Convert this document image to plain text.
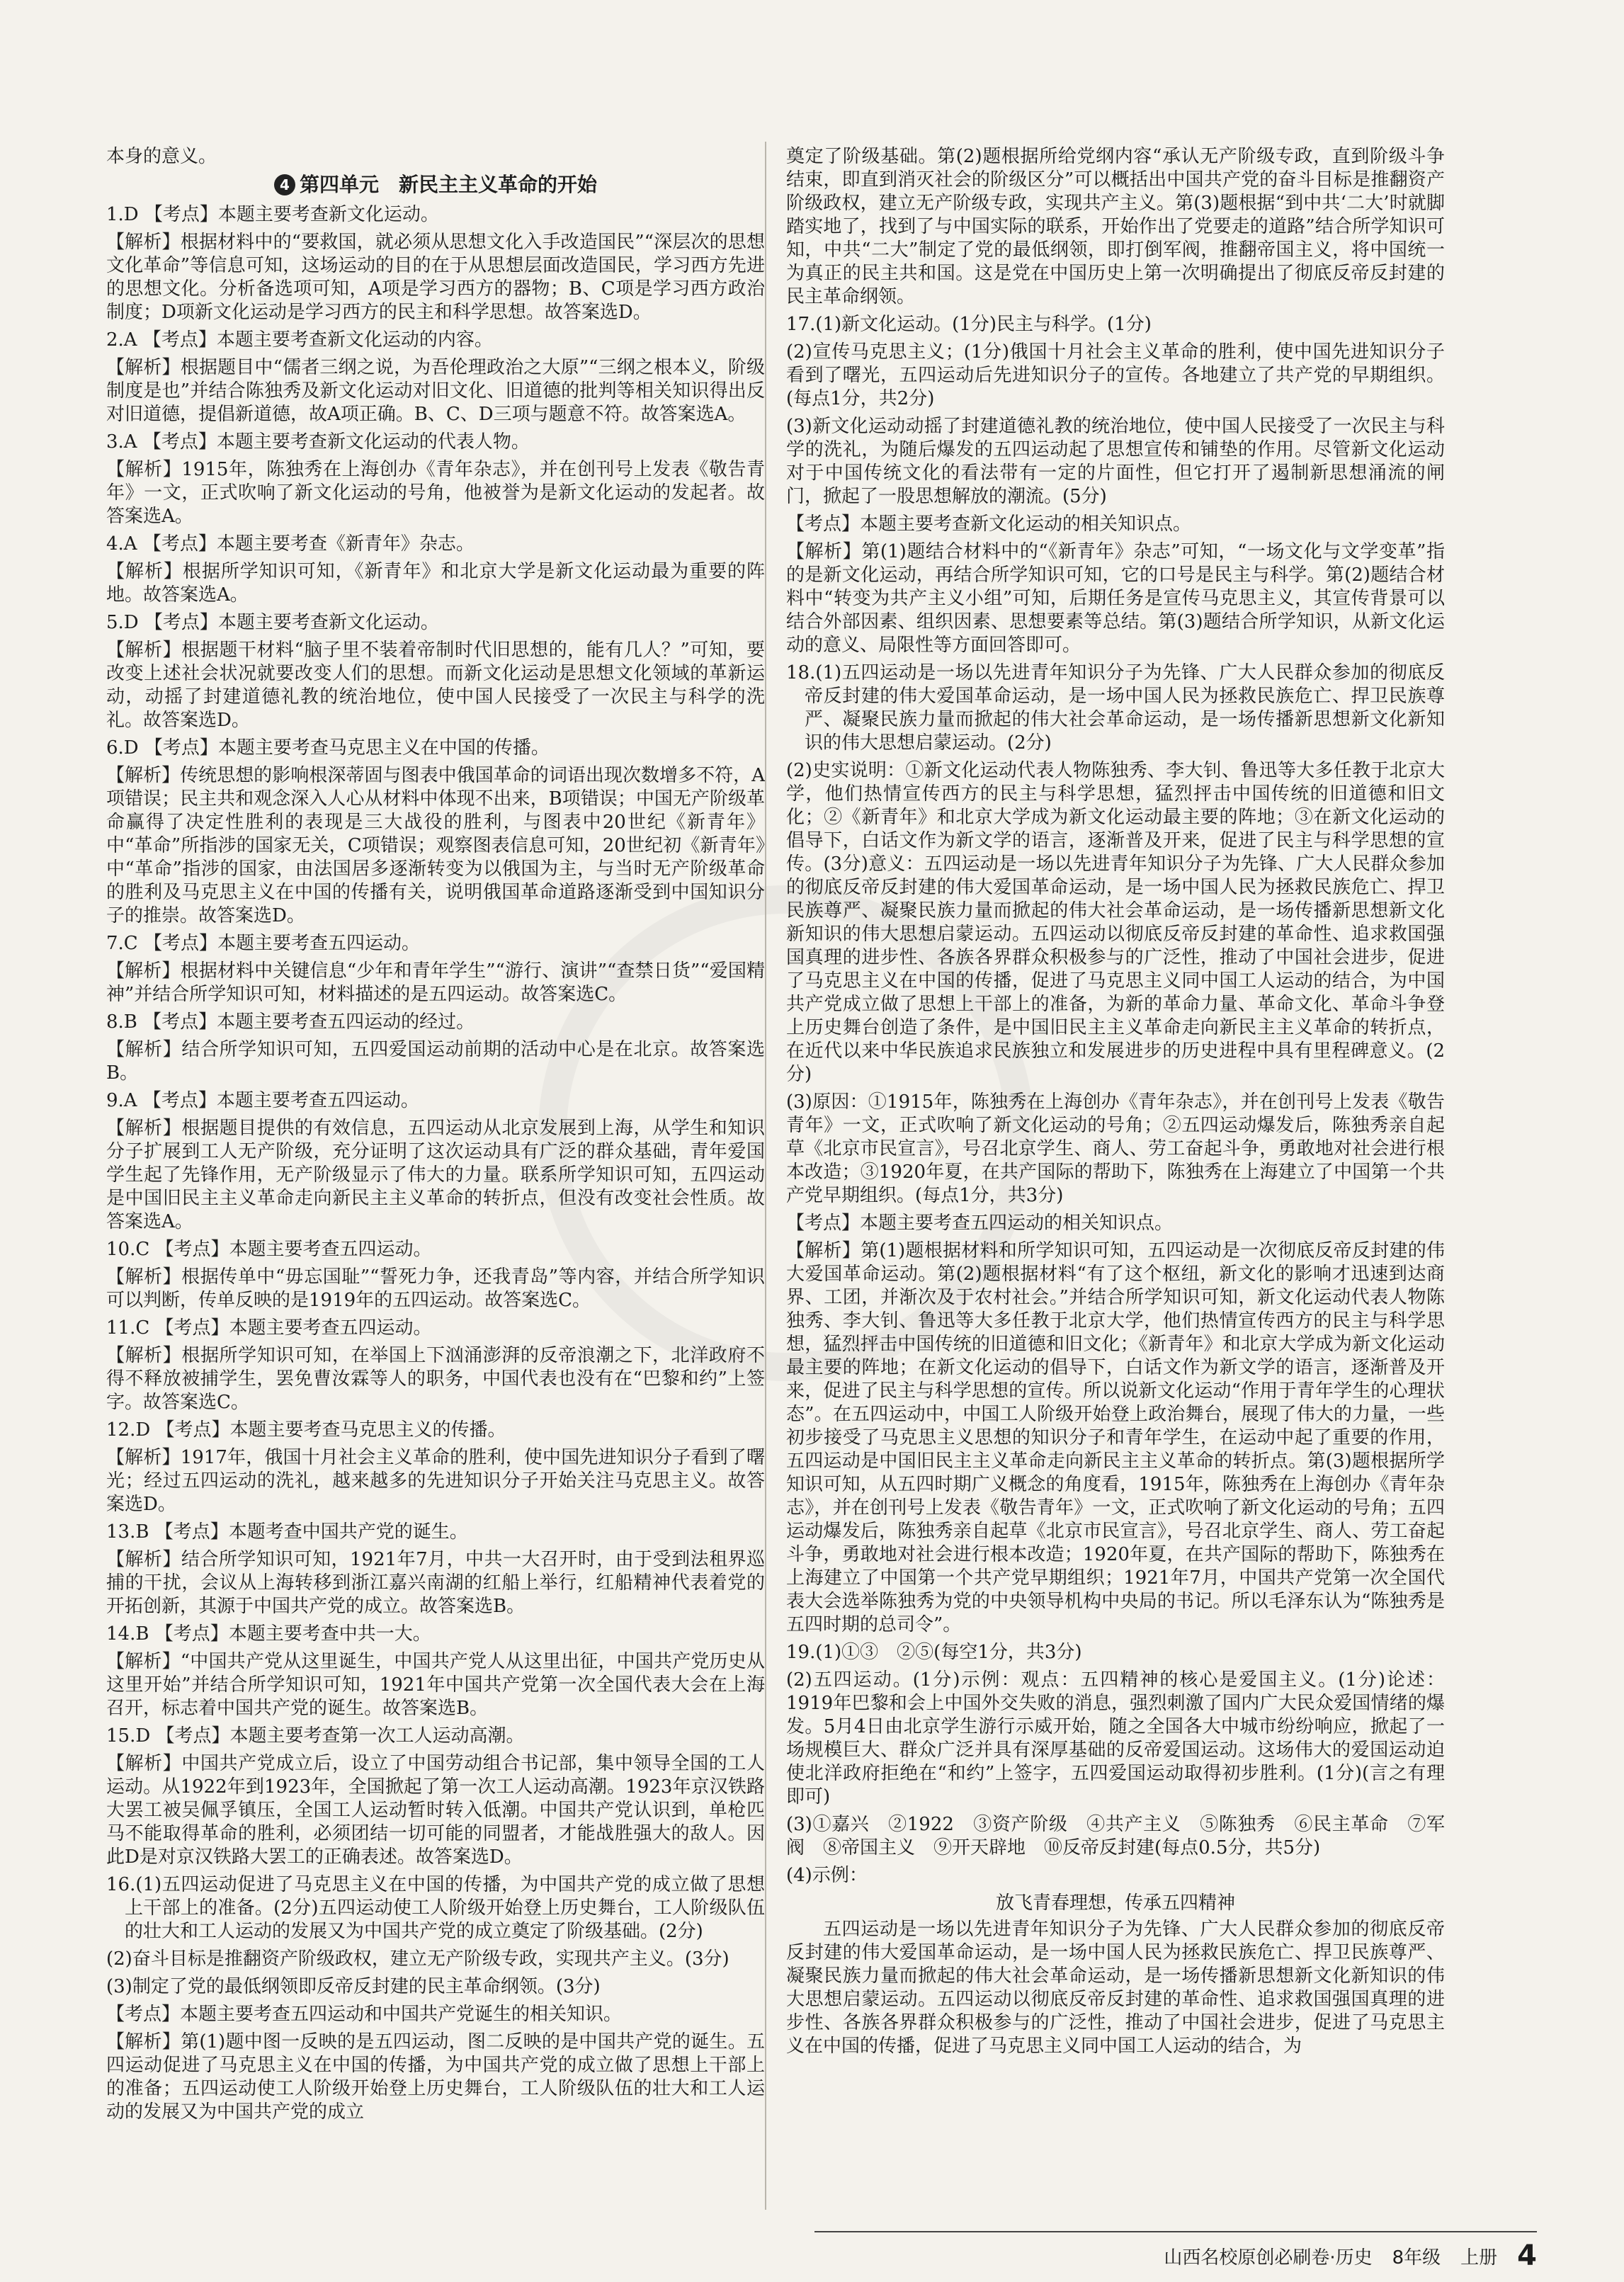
本身的意义。
4 第四单元　新民主主义革命的开始
1.D 【考点】本题主要考查新文化运动。
【解析】根据材料中的“要救国，就必须从思想文化入手改造国民”“深层次的思想文化革命”等信息可知，这场运动的目的在于从思想层面改造国民，学习西方先进的思想文化。分析备选项可知，A项是学习西方的器物；B、C项是学习西方政治制度；D项新文化运动是学习西方的民主和科学思想。故答案选D。
2.A 【考点】本题主要考查新文化运动的内容。
【解析】根据题目中“儒者三纲之说，为吾伦理政治之大原”“三纲之根本义，阶级制度是也”并结合陈独秀及新文化运动对旧文化、旧道德的批判等相关知识得出反对旧道德，提倡新道德，故A项正确。B、C、D三项与题意不符。故答案选A。
3.A 【考点】本题主要考查新文化运动的代表人物。
【解析】1915年，陈独秀在上海创办《青年杂志》，并在创刊号上发表《敬告青年》一文，正式吹响了新文化运动的号角，他被誉为是新文化运动的发起者。故答案选A。
4.A 【考点】本题主要考查《新青年》杂志。
【解析】根据所学知识可知，《新青年》和北京大学是新文化运动最为重要的阵地。故答案选A。
5.D 【考点】本题主要考查新文化运动。
【解析】根据题干材料“脑子里不装着帝制时代旧思想的，能有几人？”可知，要改变上述社会状况就要改变人们的思想。而新文化运动是思想文化领域的革新运动，动摇了封建道德礼教的统治地位，使中国人民接受了一次民主与科学的洗礼。故答案选D。
6.D 【考点】本题主要考查马克思主义在中国的传播。
【解析】传统思想的影响根深蒂固与图表中俄国革命的词语出现次数增多不符，A项错误；民主共和观念深入人心从材料中体现不出来，B项错误；中国无产阶级革命赢得了决定性胜利的表现是三大战役的胜利，与图表中20世纪《新青年》中“革命”所指涉的国家无关，C项错误；观察图表信息可知，20世纪初《新青年》中“革命”指涉的国家，由法国居多逐渐转变为以俄国为主，与当时无产阶级革命的胜利及马克思主义在中国的传播有关，说明俄国革命道路逐渐受到中国知识分子的推崇。故答案选D。
7.C 【考点】本题主要考查五四运动。
【解析】根据材料中关键信息“少年和青年学生”“游行、演讲”“查禁日货”“爱国精神”并结合所学知识可知，材料描述的是五四运动。故答案选C。
8.B 【考点】本题主要考查五四运动的经过。
【解析】结合所学知识可知，五四爱国运动前期的活动中心是在北京。故答案选B。
9.A 【考点】本题主要考查五四运动。
【解析】根据题目提供的有效信息，五四运动从北京发展到上海，从学生和知识分子扩展到工人无产阶级，充分证明了这次运动具有广泛的群众基础，青年爱国学生起了先锋作用，无产阶级显示了伟大的力量。联系所学知识可知，五四运动是中国旧民主主义革命走向新民主主义革命的转折点，但没有改变社会性质。故答案选A。
10.C 【考点】本题主要考查五四运动。
【解析】根据传单中“毋忘国耻”“誓死力争，还我青岛”等内容，并结合所学知识可以判断，传单反映的是1919年的五四运动。故答案选C。
11.C 【考点】本题主要考查五四运动。
【解析】根据所学知识可知，在举国上下汹涌澎湃的反帝浪潮之下，北洋政府不得不释放被捕学生，罢免曹汝霖等人的职务，中国代表也没有在“巴黎和约”上签字。故答案选C。
12.D 【考点】本题主要考查马克思主义的传播。
【解析】1917年，俄国十月社会主义革命的胜利，使中国先进知识分子看到了曙光；经过五四运动的洗礼，越来越多的先进知识分子开始关注马克思主义。故答案选D。
13.B 【考点】本题考查中国共产党的诞生。
【解析】结合所学知识可知，1921年7月，中共一大召开时，由于受到法租界巡捕的干扰，会议从上海转移到浙江嘉兴南湖的红船上举行，红船精神代表着党的开拓创新，其源于中国共产党的成立。故答案选B。
14.B 【考点】本题主要考查中共一大。
【解析】“中国共产党从这里诞生，中国共产党人从这里出征，中国共产党历史从这里开始”并结合所学知识可知，1921年中国共产党第一次全国代表大会在上海召开，标志着中国共产党的诞生。故答案选B。
15.D 【考点】本题主要考查第一次工人运动高潮。
【解析】中国共产党成立后，设立了中国劳动组合书记部，集中领导全国的工人运动。从1922年到1923年，全国掀起了第一次工人运动高潮。1923年京汉铁路大罢工被吴佩孚镇压，全国工人运动暂时转入低潮。中国共产党认识到，单枪匹马不能取得革命的胜利，必须团结一切可能的同盟者，才能战胜强大的敌人。因此D是对京汉铁路大罢工的正确表述。故答案选D。
16.(1)五四运动促进了马克思主义在中国的传播，为中国共产党的成立做了思想上干部上的准备。(2分)五四运动使工人阶级开始登上历史舞台，工人阶级队伍的壮大和工人运动的发展又为中国共产党的成立奠定了阶级基础。(2分)
(2)奋斗目标是推翻资产阶级政权，建立无产阶级专政，实现共产主义。(3分)
(3)制定了党的最低纲领即反帝反封建的民主革命纲领。(3分)
【考点】本题主要考查五四运动和中国共产党诞生的相关知识。
【解析】第(1)题中图一反映的是五四运动，图二反映的是中国共产党的诞生。五四运动促进了马克思主义在中国的传播，为中国共产党的成立做了思想上干部上的准备；五四运动使工人阶级开始登上历史舞台，工人阶级队伍的壮大和工人运动的发展又为中国共产党的成立
奠定了阶级基础。第(2)题根据所给党纲内容“承认无产阶级专政，直到阶级斗争结束，即直到消灭社会的阶级区分”可以概括出中国共产党的奋斗目标是推翻资产阶级政权，建立无产阶级专政，实现共产主义。第(3)题根据“到中共‘二大’时就脚踏实地了，找到了与中国实际的联系，开始作出了党要走的道路”结合所学知识可知，中共“二大”制定了党的最低纲领，即打倒军阀，推翻帝国主义，将中国统一为真正的民主共和国。这是党在中国历史上第一次明确提出了彻底反帝反封建的民主革命纲领。
17.(1)新文化运动。(1分)民主与科学。(1分)
(2)宣传马克思主义；(1分)俄国十月社会主义革命的胜利，使中国先进知识分子看到了曙光，五四运动后先进知识分子的宣传。各地建立了共产党的早期组织。(每点1分，共2分)
(3)新文化运动动摇了封建道德礼教的统治地位，使中国人民接受了一次民主与科学的洗礼，为随后爆发的五四运动起了思想宣传和铺垫的作用。尽管新文化运动对于中国传统文化的看法带有一定的片面性，但它打开了遏制新思想涌流的闸门，掀起了一股思想解放的潮流。(5分)
【考点】本题主要考查新文化运动的相关知识点。
【解析】第(1)题结合材料中的“《新青年》杂志”可知，“一场文化与文学变革”指的是新文化运动，再结合所学知识可知，它的口号是民主与科学。第(2)题结合材料中“转变为共产主义小组”可知，后期任务是宣传马克思主义，其宣传背景可以结合外部因素、组织因素、思想要素等总结。第(3)题结合所学知识，从新文化运动的意义、局限性等方面回答即可。
18.(1)五四运动是一场以先进青年知识分子为先锋、广大人民群众参加的彻底反帝反封建的伟大爱国革命运动，是一场中国人民为拯救民族危亡、捍卫民族尊严、凝聚民族力量而掀起的伟大社会革命运动，是一场传播新思想新文化新知识的伟大思想启蒙运动。(2分)
(2)史实说明：①新文化运动代表人物陈独秀、李大钊、鲁迅等大多任教于北京大学，他们热情宣传西方的民主与科学思想，猛烈抨击中国传统的旧道德和旧文化；②《新青年》和北京大学成为新文化运动最主要的阵地；③在新文化运动的倡导下，白话文作为新文学的语言，逐渐普及开来，促进了民主与科学思想的宣传。(3分)意义：五四运动是一场以先进青年知识分子为先锋、广大人民群众参加的彻底反帝反封建的伟大爱国革命运动，是一场中国人民为拯救民族危亡、捍卫民族尊严、凝聚民族力量而掀起的伟大社会革命运动，是一场传播新思想新文化新知识的伟大思想启蒙运动。五四运动以彻底反帝反封建的革命性、追求救国强国真理的进步性、各族各界群众积极参与的广泛性，推动了中国社会进步，促进了马克思主义在中国的传播，促进了马克思主义同中国工人运动的结合，为中国共产党成立做了思想上干部上的准备，为新的革命力量、革命文化、革命斗争登上历史舞台创造了条件，是中国旧民主主义革命走向新民主主义革命的转折点，在近代以来中华民族追求民族独立和发展进步的历史进程中具有里程碑意义。(2分)
(3)原因：①1915年，陈独秀在上海创办《青年杂志》，并在创刊号上发表《敬告青年》一文，正式吹响了新文化运动的号角；②五四运动爆发后，陈独秀亲自起草《北京市民宣言》，号召北京学生、商人、劳工奋起斗争，勇敢地对社会进行根本改造；③1920年夏，在共产国际的帮助下，陈独秀在上海建立了中国第一个共产党早期组织。(每点1分，共3分)
【考点】本题主要考查五四运动的相关知识点。
【解析】第(1)题根据材料和所学知识可知，五四运动是一次彻底反帝反封建的伟大爱国革命运动。第(2)题根据材料“有了这个枢纽，新文化的影响才迅速到达商界、工团，并渐次及于农村社会。”并结合所学知识可知，新文化运动代表人物陈独秀、李大钊、鲁迅等大多任教于北京大学，他们热情宣传西方的民主与科学思想，猛烈抨击中国传统的旧道德和旧文化；《新青年》和北京大学成为新文化运动最主要的阵地；在新文化运动的倡导下，白话文作为新文学的语言，逐渐普及开来，促进了民主与科学思想的宣传。所以说新文化运动“作用于青年学生的心理状态”。在五四运动中，中国工人阶级开始登上政治舞台，展现了伟大的力量，一些初步接受了马克思主义思想的知识分子和青年学生，在运动中起了重要的作用，五四运动是中国旧民主主义革命走向新民主主义革命的转折点。第(3)题根据所学知识可知，从五四时期广义概念的角度看，1915年，陈独秀在上海创办《青年杂志》，并在创刊号上发表《敬告青年》一文，正式吹响了新文化运动的号角；五四运动爆发后，陈独秀亲自起草《北京市民宣言》，号召北京学生、商人、劳工奋起斗争，勇敢地对社会进行根本改造；1920年夏，在共产国际的帮助下，陈独秀在上海建立了中国第一个共产党早期组织；1921年7月，中国共产党第一次全国代表大会选举陈独秀为党的中央领导机构中央局的书记。所以毛泽东认为“陈独秀是五四时期的总司令”。
19.(1)①③　②⑤(每空1分，共3分)
(2)五四运动。(1分)示例：观点：五四精神的核心是爱国主义。(1分)论述：1919年巴黎和会上中国外交失败的消息，强烈刺激了国内广大民众爱国情绪的爆发。5月4日由北京学生游行示威开始，随之全国各大中城市纷纷响应，掀起了一场规模巨大、群众广泛并具有深厚基础的反帝爱国运动。这场伟大的爱国运动迫使北洋政府拒绝在“和约”上签字，五四爱国运动取得初步胜利。(1分)(言之有理即可)
(3)①嘉兴　②1922　③资产阶级　④共产主义　⑤陈独秀　⑥民主革命　⑦军阀　⑧帝国主义　⑨开天辟地　⑩反帝反封建(每点0.5分，共5分)
(4)示例：
放飞青春理想，传承五四精神
五四运动是一场以先进青年知识分子为先锋、广大人民群众参加的彻底反帝反封建的伟大爱国革命运动，是一场中国人民为拯救民族危亡、捍卫民族尊严、凝聚民族力量而掀起的伟大社会革命运动，是一场传播新思想新文化新知识的伟大思想启蒙运动。五四运动以彻底反帝反封建的革命性、追求救国强国真理的进步性、各族各界群众积极参与的广泛性，推动了中国社会进步，促进了马克思主义在中国的传播，促进了马克思主义同中国工人运动的结合，为
山西名校原创必刷卷·历史 8年级 上册 4
